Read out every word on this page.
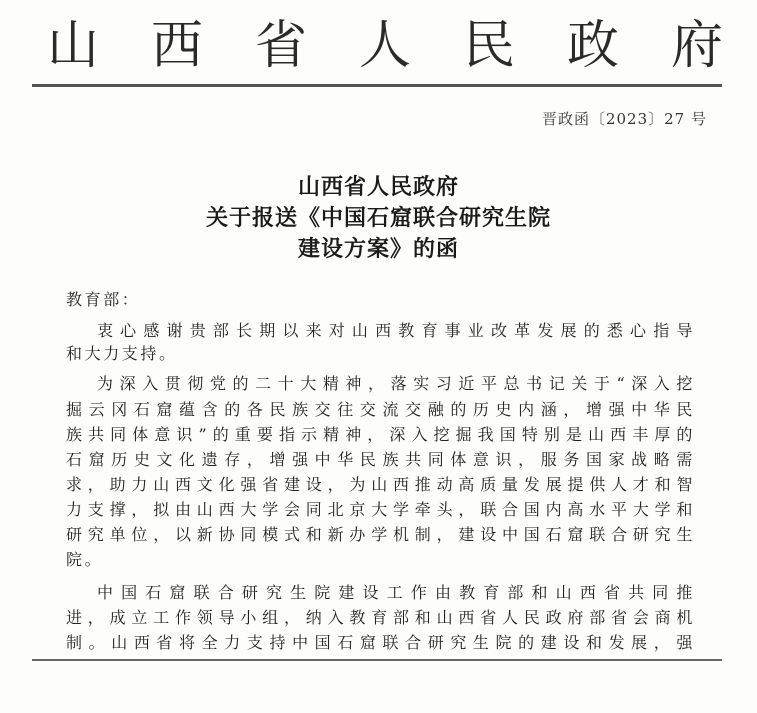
山 西 省 人 民 政 府
晋政函〔2023〕27 号
山西省人民政府
关于报送《中国石窟联合研究生院
建设方案》的函
教育部：
衷心感谢贵部长期以来对山西教育事业改革发展的悉心指导
和大力支持。
为深入贯彻党的二十大精神，落实习近平总书记关于“深入挖
掘云冈石窟蕴含的各民族交往交流交融的历史内涵，增强中华民
族共同体意识”的重要指示精神，深入挖掘我国特别是山西丰厚的
石窟历史文化遗存，增强中华民族共同体意识，服务国家战略需
求，助力山西文化强省建设，为山西推动高质量发展提供人才和智
力支撑，拟由山西大学会同北京大学牵头，联合国内高水平大学和
研究单位，以新协同模式和新办学机制，建设中国石窟联合研究生
院。
中国石窟联合研究生院建设工作由教育部和山西省共同推
进，成立工作领导小组，纳入教育部和山西省人民政府部省会商机
制。山西省将全力支持中国石窟联合研究生院的建设和发展，强
